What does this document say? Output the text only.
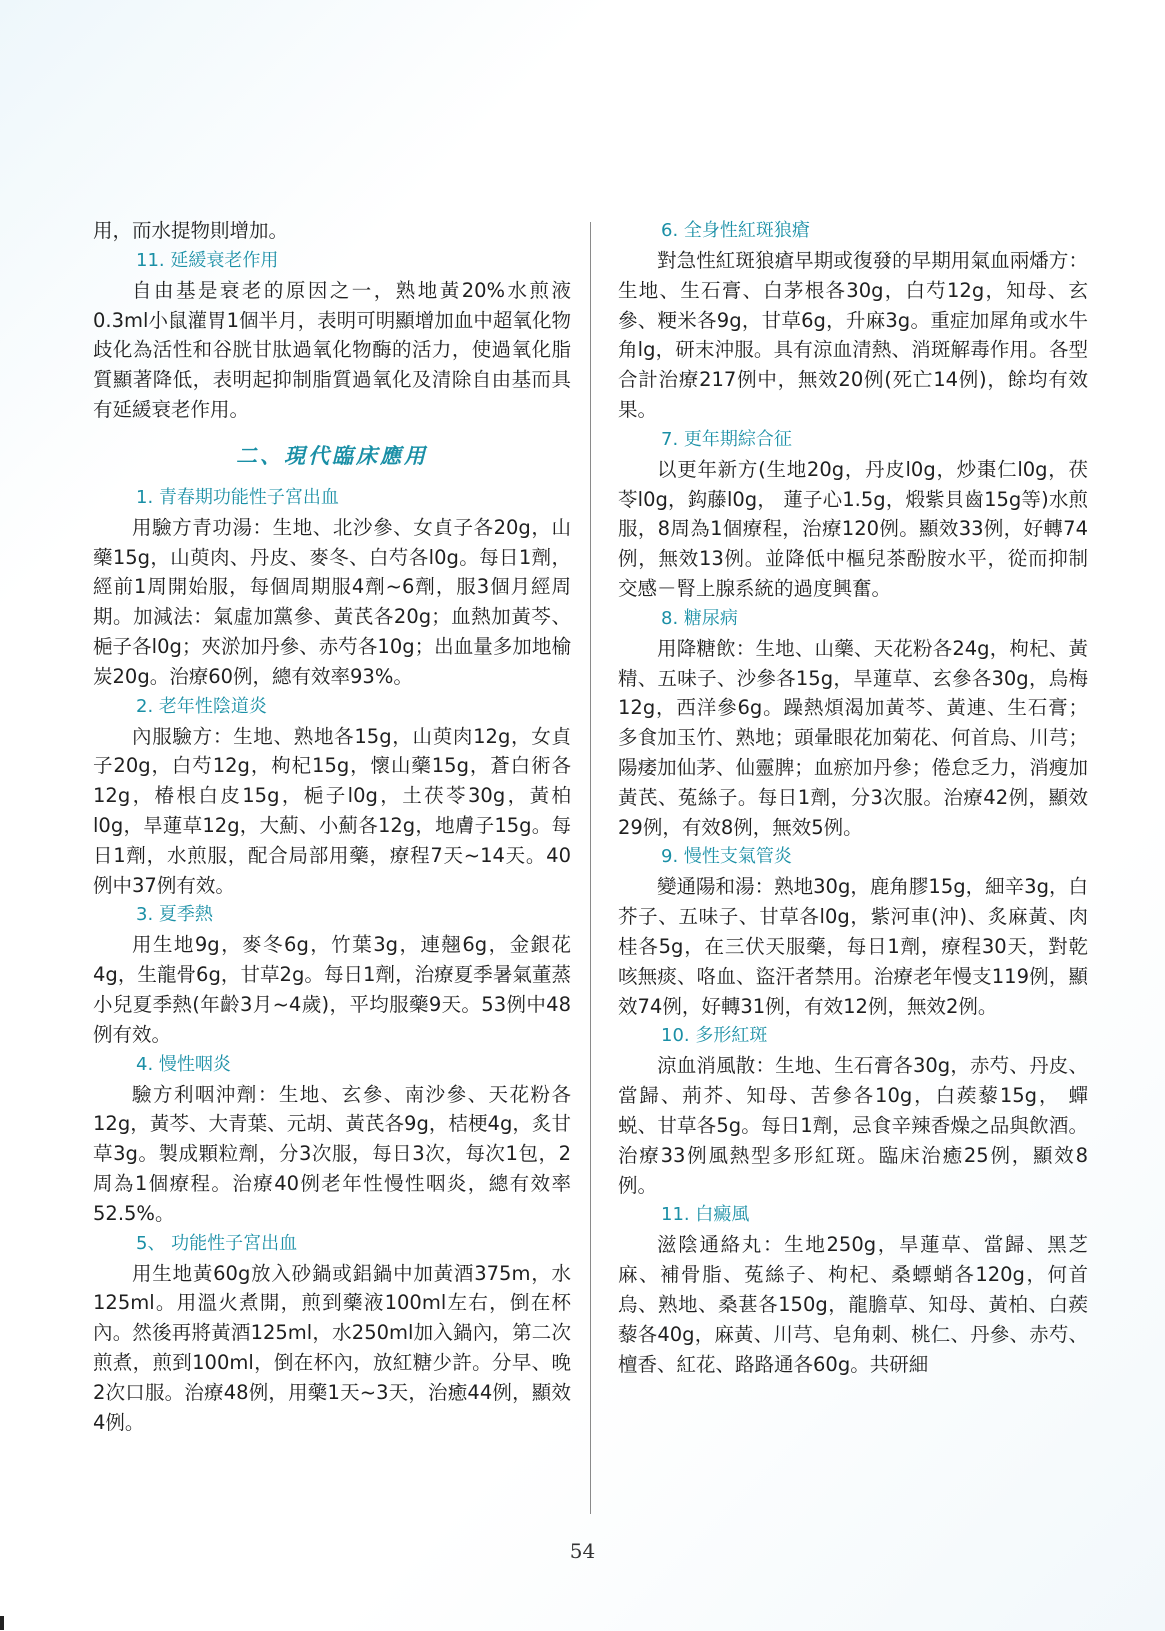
用，而水提物則增加。

11. 延緩衰老作用

自由基是衰老的原因之一，熟地黃20%水煎液0.3ml小鼠灌胃1個半月，表明可明顯增加血中超氧化物歧化為活性和谷胱甘肽過氧化物酶的活力，使過氧化脂質顯著降低，表明起抑制脂質過氧化及清除自由基而具有延緩衰老作用。

二、現代臨床應用
1. 青春期功能性子宮出血

用驗方青功湯：生地、北沙參、女貞子各20g，山藥15g，山萸肉、丹皮、麥冬、白芍各l0g。每日1劑，經前1周開始服，每個周期服4劑~6劑，服3個月經周期。加減法：氣虛加黨參、黃芪各20g；血熱加黃芩、梔子各l0g；夾淤加丹參、赤芍各10g；出血量多加地榆炭20g。治療60例，總有效率93%。

2. 老年性陰道炎

內服驗方：生地、熟地各15g，山萸肉12g，女貞子20g，白芍12g，枸杞15g，懷山藥15g，蒼白術各12g，椿根白皮15g，梔子l0g，土茯苓30g，黃柏l0g，旱蓮草12g，大薊、小薊各12g，地膚子15g。每日1劑，水煎服，配合局部用藥，療程7天~14天。40例中37例有效。

3. 夏季熱

用生地9g，麥冬6g，竹葉3g，連翹6g，金銀花4g，生龍骨6g，甘草2g。每日1劑，治療夏季暑氣董蒸小兒夏季熱(年齡3月~4歲)，平均服藥9天。53例中48例有效。

4. 慢性咽炎

驗方利咽沖劑：生地、玄參、南沙參、天花粉各12g，黃芩、大青葉、元胡、黃芪各9g，桔梗4g，炙甘草3g。製成顆粒劑，分3次服，每日3次，每次1包，2周為1個療程。治療40例老年性慢性咽炎，總有效率52.5%。

5、 功能性子宮出血

用生地黃60g放入砂鍋或鋁鍋中加黃酒375m，水125ml。用溫火煮開，煎到藥液100ml左右，倒在杯內。然後再將黃酒125ml，水250ml加入鍋內，第二次煎煮，煎到100ml，倒在杯內，放紅糖少許。分早、晚2次口服。治療48例，用藥1天~3天，治癒44例，顯效4例。

6. 全身性紅斑狼瘡

對急性紅斑狼瘡早期或復發的早期用氣血兩燔方：生地、生石膏、白茅根各30g，白芍12g，知母、玄參、粳米各9g，甘草6g，升麻3g。重症加犀角或水牛角lg，研末沖服。具有涼血清熱、消斑解毒作用。各型合計治療217例中，無效20例(死亡14例)，餘均有效果。

7. 更年期綜合征

以更年新方(生地20g，丹皮l0g，炒棗仁l0g，茯苓l0g，鈎藤l0g， 蓮子心1.5g，煅紫貝齒15g等)水煎服，8周為1個療程，治療120例。顯效33例，好轉74例，無效13例。並降低中樞兒茶酚胺水平，從而抑制交感－腎上腺系統的過度興奮。

8. 糖尿病

用降糖飲：生地、山藥、天花粉各24g，枸杞、黃精、五味子、沙參各15g，旱蓮草、玄參各30g，烏梅12g，西洋參6g。躁熱煩渴加黃芩、黃連、生石膏；多食加玉竹、熟地；頭暈眼花加菊花、何首烏、川芎；陽痿加仙茅、仙靈脾；血瘀加丹參；倦怠乏力，消瘦加黃芪、菟絲子。每日1劑，分3次服。治療42例，顯效29例，有效8例，無效5例。

9. 慢性支氣管炎

變通陽和湯：熟地30g，鹿角膠15g，細辛3g，白芥子、五味子、甘草各l0g，紫河車(沖)、炙麻黃、肉桂各5g，在三伏天服藥，每日1劑，療程30天，對乾咳無痰、咯血、盜汗者禁用。治療老年慢支119例，顯效74例，好轉31例，有效12例，無效2例。

10. 多形紅斑

涼血消風散：生地、生石膏各30g，赤芍、丹皮、當歸、荊芥、知母、苦參各10g，白蒺藜15g， 蟬蜕、甘草各5g。每日1劑，忌食辛辣香燥之品與飲酒。治療33例風熱型多形紅斑。臨床治癒25例，顯效8例。

11. 白癜風

滋陰通絡丸：生地250g，旱蓮草、當歸、黑芝麻、補骨脂、菟絲子、枸杞、桑螵蛸各120g，何首烏、熟地、桑葚各150g，龍膽草、知母、黃柏、白蒺藜各40g，麻黃、川芎、皂角刺、桃仁、丹參、赤芍、檀香、紅花、路路通各60g。共研細

54
